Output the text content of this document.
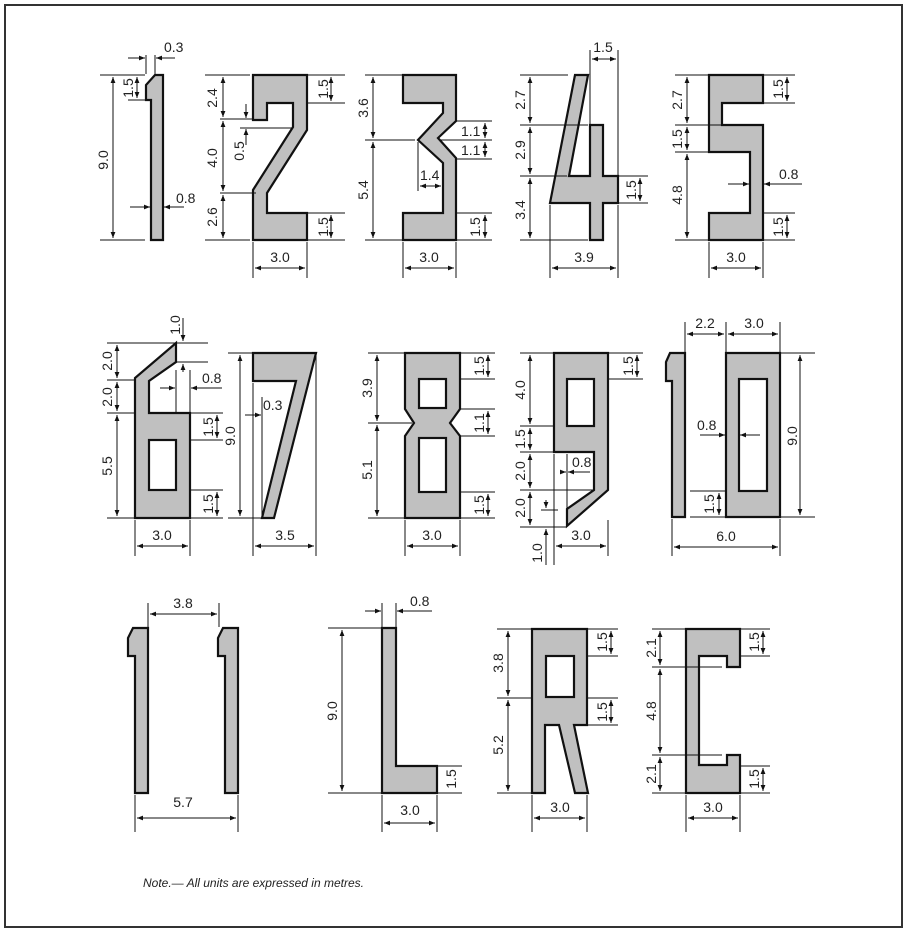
9.0
1.5
0.3
0.8
2.4
4.0
2.6
0.5
1.5
1.5
3.0
3.6
5.4
1.1
1.1
1.4
1.5
3.0
2.7
2.9
3.4
1.5
1.5
3.9
2.7
1.5
4.8
1.5
0.8
1.5
3.0
2.0
2.0
5.5
1.0
0.8
1.5
1.5
3.0
9.0
0.3
3.5
3.9
5.1
1.5
1.1
1.5
3.0
4.0
1.5
2.0
2.0
1.0
0.8
1.5
3.0
2.2 3.0
0.8
9.0
1.5
6.0
3.8
5.7
0.8
9.0
1.5
3.0
3.8
5.2
1.5
1.5
3.0
2.1
4.8
2.1
1.5
1.5
3.0
Note.— All units are expressed in metres.
